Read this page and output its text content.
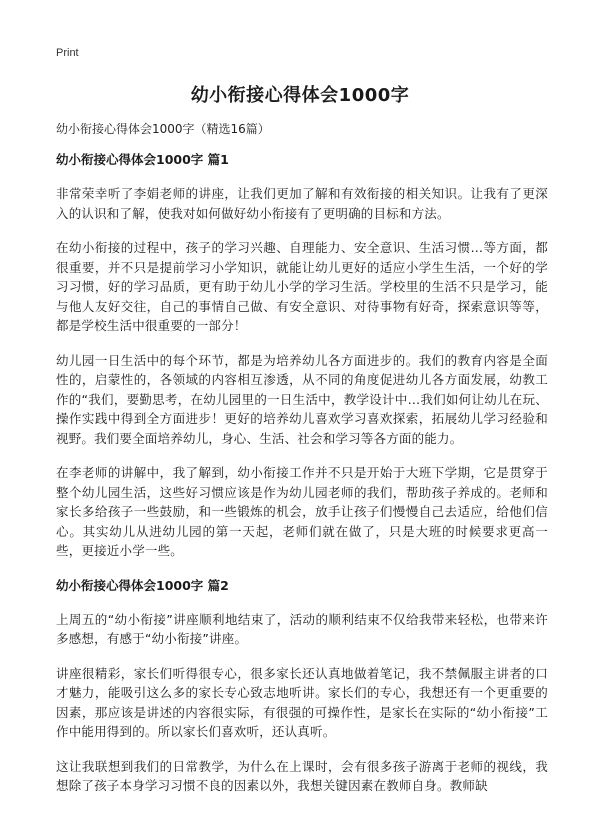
Print
幼小衔接心得体会1000字

幼小衔接心得体会1000字（精选16篇）

幼小衔接心得体会1000字 篇1

非常荣幸听了李娟老师的讲座，让我们更加了解和有效衔接的相关知识。让我有了更深入的认识和了解，使我对如何做好幼小衔接有了更明确的目标和方法。

在幼小衔接的过程中，孩子的学习兴趣、自理能力、安全意识、生活习惯…等方面，都很重要，并不只是提前学习小学知识，就能让幼儿更好的适应小学生生活，一个好的学习习惯，好的学习品质，更有助于幼儿小学的学习生活。学校里的生活不只是学习，能与他人友好交往，自己的事情自己做、有安全意识、对待事物有好奇，探索意识等等，都是学校生活中很重要的一部分！

幼儿园一日生活中的每个环节，都是为培养幼儿各方面进步的。我们的教育内容是全面性的，启蒙性的，各领域的内容相互渗透，从不同的角度促进幼儿各方面发展，幼教工作的“我们，要勤思考，在幼儿园里的一日生活中，教学设计中…我们如何让幼儿在玩、操作实践中得到全方面进步！更好的培养幼儿喜欢学习喜欢探索，拓展幼儿学习经验和视野。我们要全面培养幼儿，身心、生活、社会和学习等各方面的能力。

在李老师的讲解中，我了解到，幼小衔接工作并不只是开始于大班下学期，它是贯穿于整个幼儿园生活，这些好习惯应该是作为幼儿园老师的我们，帮助孩子养成的。老师和家长多给孩子一些鼓励，和一些锻炼的机会，放手让孩子们慢慢自己去适应，给他们信心。其实幼儿从进幼儿园的第一天起，老师们就在做了，只是大班的时候要求更高一些，更接近小学一些。

幼小衔接心得体会1000字 篇2

上周五的“幼小衔接”讲座顺利地结束了，活动的顺利结束不仅给我带来轻松，也带来许多感想，有感于“幼小衔接”讲座。

讲座很精彩，家长们听得很专心，很多家长还认真地做着笔记，我不禁佩服主讲者的口才魅力，能吸引这么多的家长专心致志地听讲。家长们的专心，我想还有一个更重要的因素，那应该是讲述的内容很实际，有很强的可操作性，是家长在实际的“幼小衔接”工作中能用得到的。所以家长们喜欢听，还认真听。

这让我联想到我们的日常教学，为什么在上课时，会有很多孩子游离于老师的视线，我想除了孩子本身学习习惯不良的因素以外，我想关键因素在教师自身。教师缺
